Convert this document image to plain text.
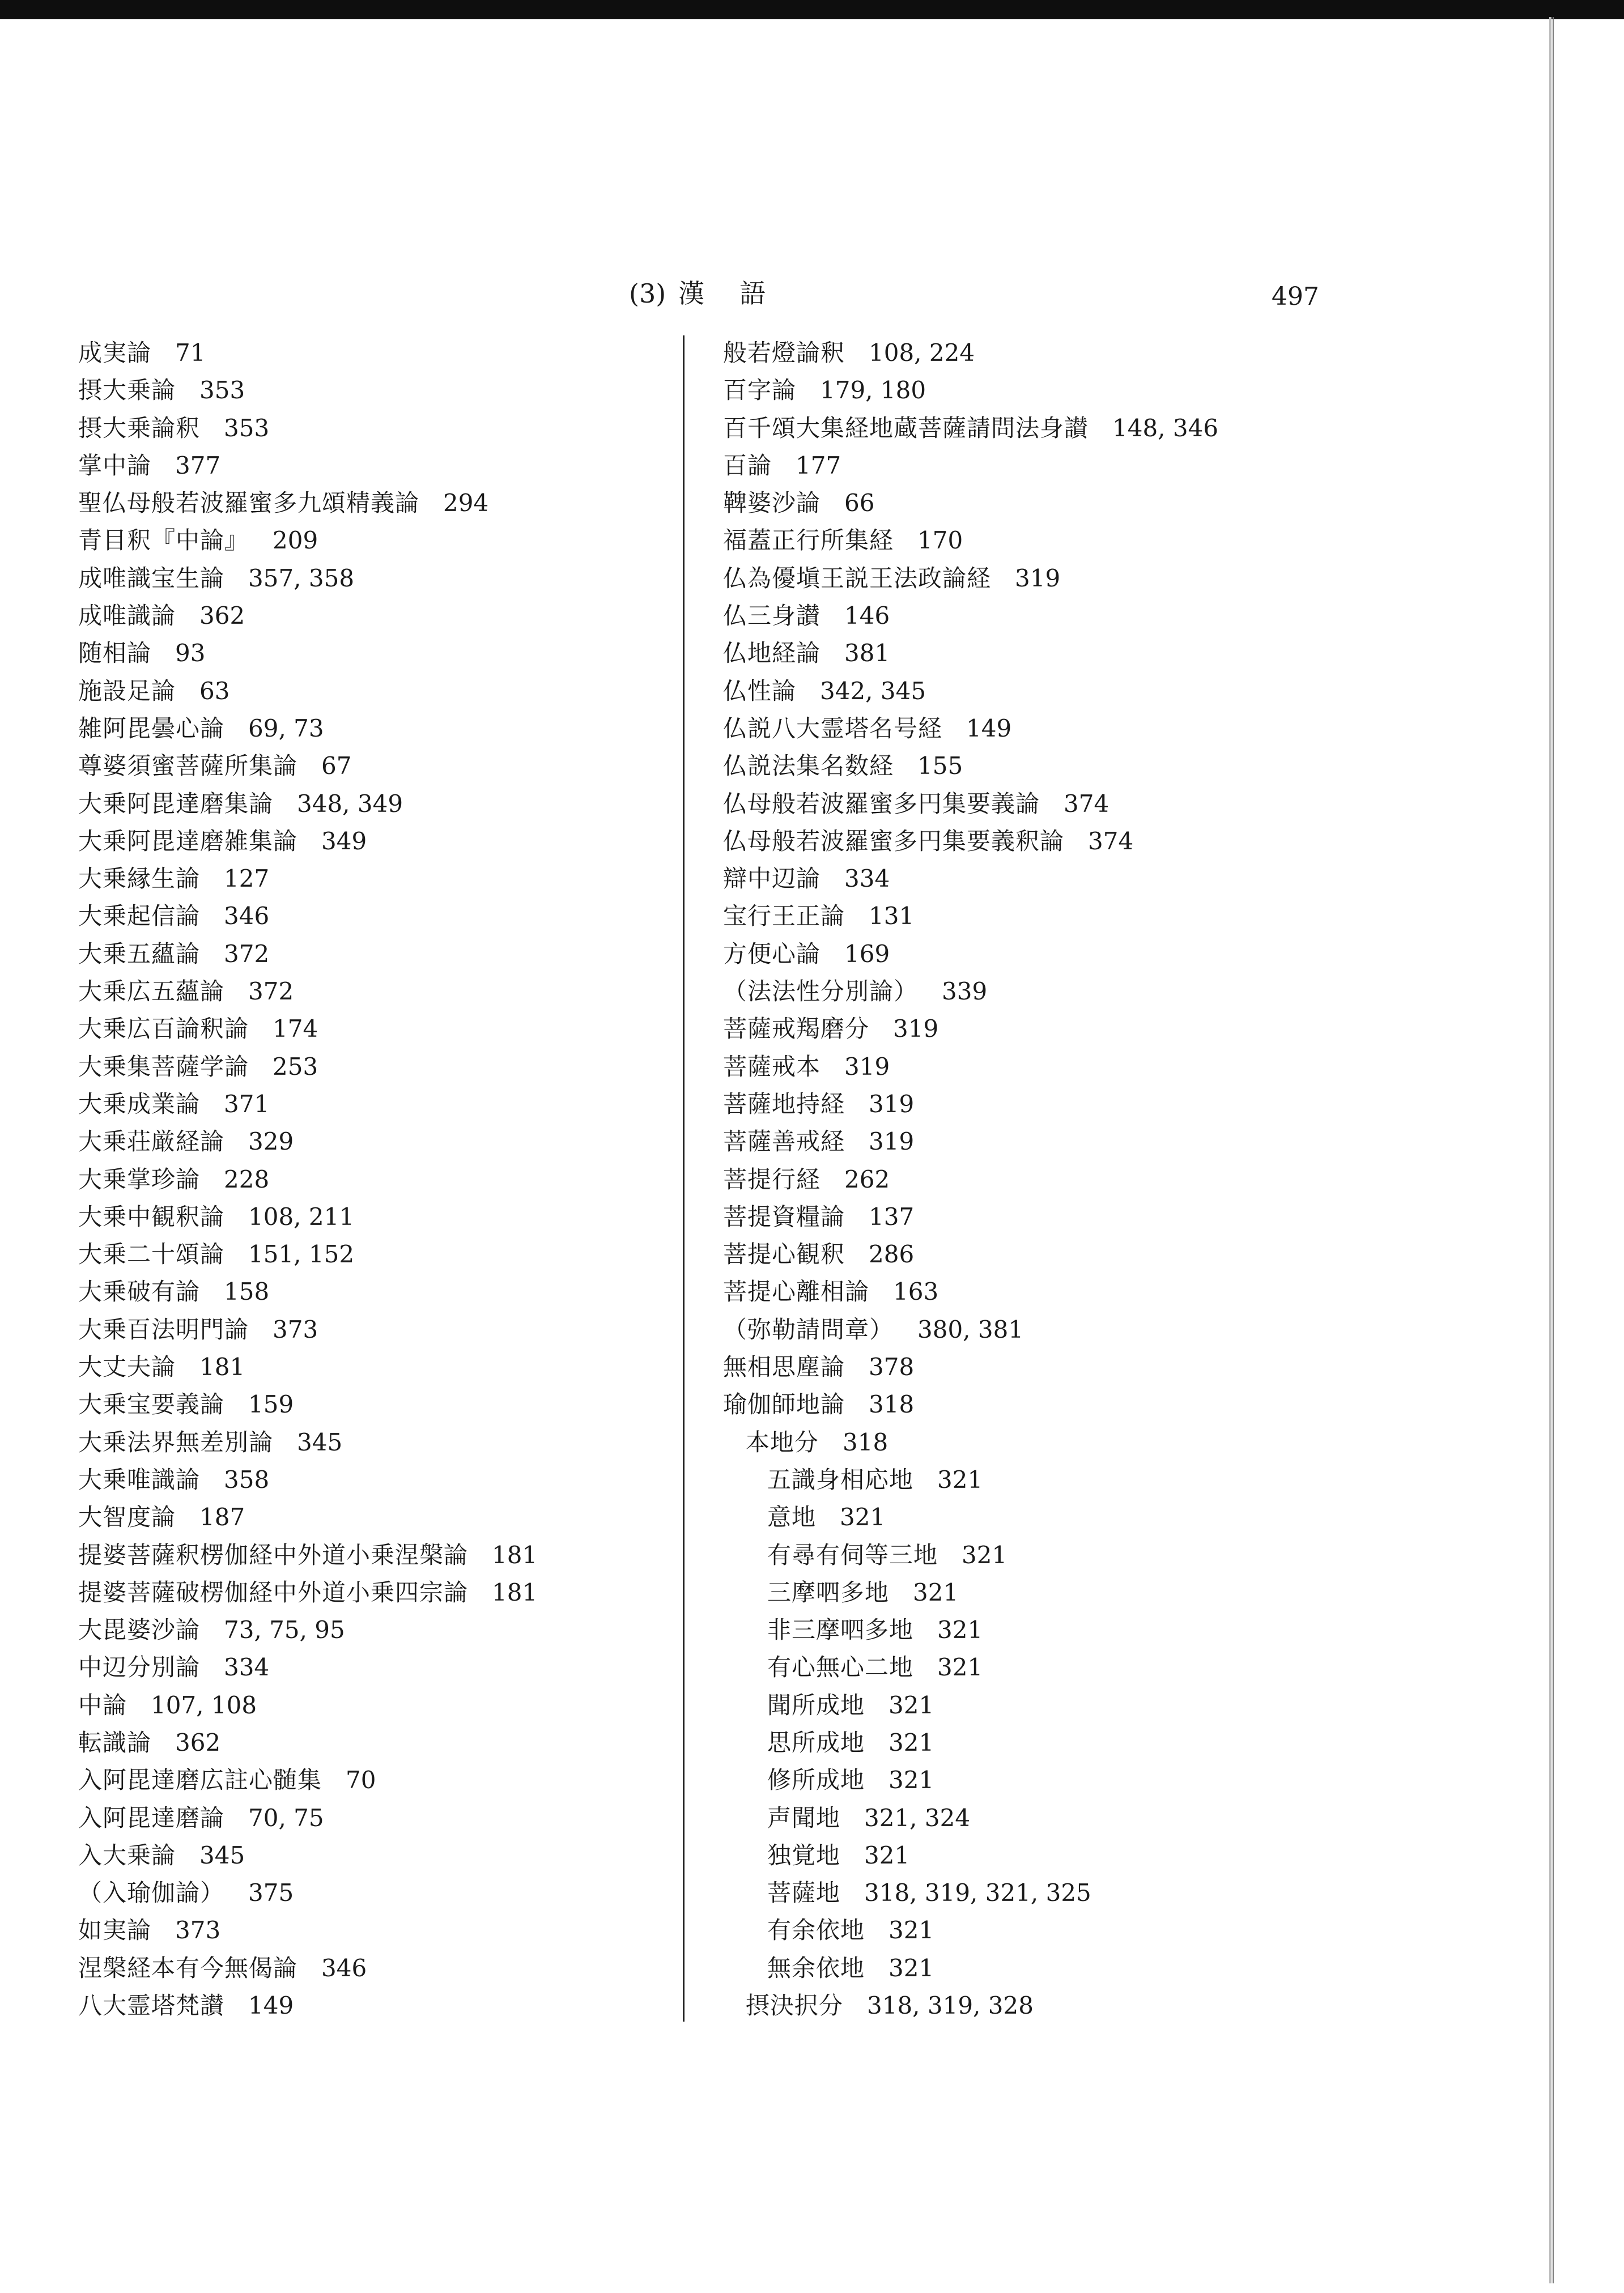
(3) 漢 語	497
成実論 71
摂大乗論 353
摂大乗論釈 353
掌中論 377
聖仏母般若波羅蜜多九頌精義論 294
青目釈『中論』 209
成唯識宝生論 357, 358
成唯識論 362
随相論 93
施設足論 63
雑阿毘曇心論 69, 73
尊婆須蜜菩薩所集論 67
大乗阿毘達磨集論 348, 349
大乗阿毘達磨雑集論 349
大乗縁生論 127
大乗起信論 346
大乗五蘊論 372
大乗広五蘊論 372
大乗広百論釈論 174
大乗集菩薩学論 253
大乗成業論 371
大乗荘厳経論 329
大乗掌珍論 228
大乗中観釈論 108, 211
大乗二十頌論 151, 152
大乗破有論 158
大乗百法明門論 373
大丈夫論 181
大乗宝要義論 159
大乗法界無差別論 345
大乗唯識論 358
大智度論 187
提婆菩薩釈楞伽経中外道小乗涅槃論 181
提婆菩薩破楞伽経中外道小乗四宗論 181
大毘婆沙論 73, 75, 95
中辺分別論 334
中論 107, 108
転識論 362
入阿毘達磨広註心髄集 70
入阿毘達磨論 70, 75
入大乗論 345
（入瑜伽論） 375
如実論 373
涅槃経本有今無偈論 346
八大霊塔梵讃 149
般若燈論釈 108, 224
百字論 179, 180
百千頌大集経地蔵菩薩請問法身讃 148, 346
百論 177
鞞婆沙論 66
福蓋正行所集経 170
仏為優塡王説王法政論経 319
仏三身讃 146
仏地経論 381
仏性論 342, 345
仏説八大霊塔名号経 149
仏説法集名数経 155
仏母般若波羅蜜多円集要義論 374
仏母般若波羅蜜多円集要義釈論 374
辯中辺論 334
宝行王正論 131
方便心論 169
（法法性分別論） 339
菩薩戒羯磨分 319
菩薩戒本 319
菩薩地持経 319
菩薩善戒経 319
菩提行経 262
菩提資糧論 137
菩提心観釈 286
菩提心離相論 163
（弥勒請問章） 380, 381
無相思塵論 378
瑜伽師地論 318
本地分 318
五識身相応地 321
意地 321
有尋有伺等三地 321
三摩呬多地 321
非三摩呬多地 321
有心無心二地 321
聞所成地 321
思所成地 321
修所成地 321
声聞地 321, 324
独覚地 321
菩薩地 318, 319, 321, 325
有余依地 321
無余依地 321
摂決択分 318, 319, 328
